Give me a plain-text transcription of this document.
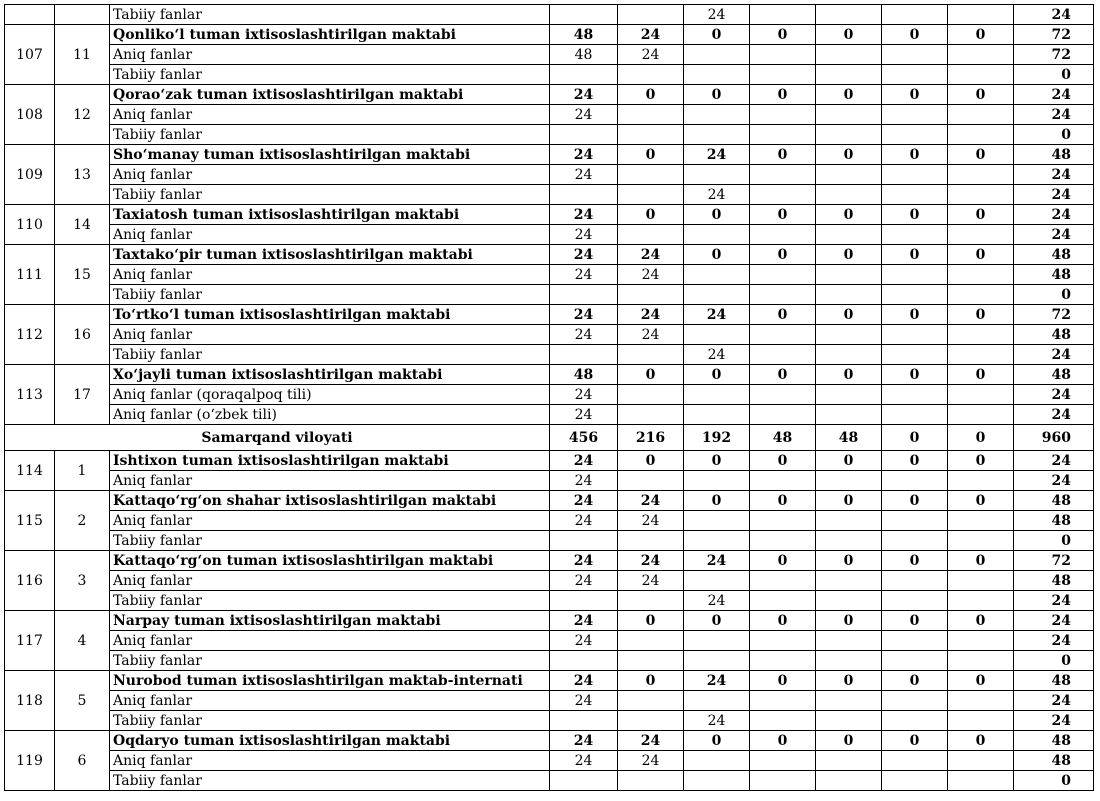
		Tabiiy fanlar			24					24
107	11	Qonlikoʻl tuman ixtisoslashtirilgan maktabi	48	24	0	0	0	0	0	72
		Aniq fanlar	48	24						72
		Tabiiy fanlar								0
108	12	Qoraoʻzak tuman ixtisoslashtirilgan maktabi	24	0	0	0	0	0	0	24
		Aniq fanlar	24							24
		Tabiiy fanlar								0
109	13	Shoʻmanay tuman ixtisoslashtirilgan maktabi	24	0	24	0	0	0	0	48
		Aniq fanlar	24							24
		Tabiiy fanlar			24					24
110	14	Taxiatosh tuman ixtisoslashtirilgan maktabi	24	0	0	0	0	0	0	24
		Aniq fanlar	24							24
111	15	Taxtakoʻpir tuman ixtisoslashtirilgan maktabi	24	24	0	0	0	0	0	48
		Aniq fanlar	24	24						48
		Tabiiy fanlar								0
112	16	Toʻrtkoʻl tuman ixtisoslashtirilgan maktabi	24	24	24	0	0	0	0	72
		Aniq fanlar	24	24						48
		Tabiiy fanlar			24					24
113	17	Xoʻjayli tuman ixtisoslashtirilgan maktabi	48	0	0	0	0	0	0	48
		Aniq fanlar (qoraqalpoq tili)	24							24
		Aniq fanlar (oʻzbek tili)	24							24
Samarqand viloyati			456	216	192	48	48	0	0	960
114	1	Ishtixon tuman ixtisoslashtirilgan maktabi	24	0	0	0	0	0	0	24
		Aniq fanlar	24							24
115	2	Kattaqoʻrgʻon shahar ixtisoslashtirilgan maktabi	24	24	0	0	0	0	0	48
		Aniq fanlar	24	24						48
		Tabiiy fanlar								0
116	3	Kattaqoʻrgʻon tuman ixtisoslashtirilgan maktabi	24	24	24	0	0	0	0	72
		Aniq fanlar	24	24						48
		Tabiiy fanlar			24					24
117	4	Narpay tuman ixtisoslashtirilgan maktabi	24	0	0	0	0	0	0	24
		Aniq fanlar	24							24
		Tabiiy fanlar								0
118	5	Nurobod tuman ixtisoslashtirilgan maktab-internati	24	0	24	0	0	0	0	48
		Aniq fanlar	24							24
		Tabiiy fanlar			24					24
119	6	Oqdaryo tuman ixtisoslashtirilgan maktabi	24	24	0	0	0	0	0	48
		Aniq fanlar	24	24						48
		Tabiiy fanlar								0
